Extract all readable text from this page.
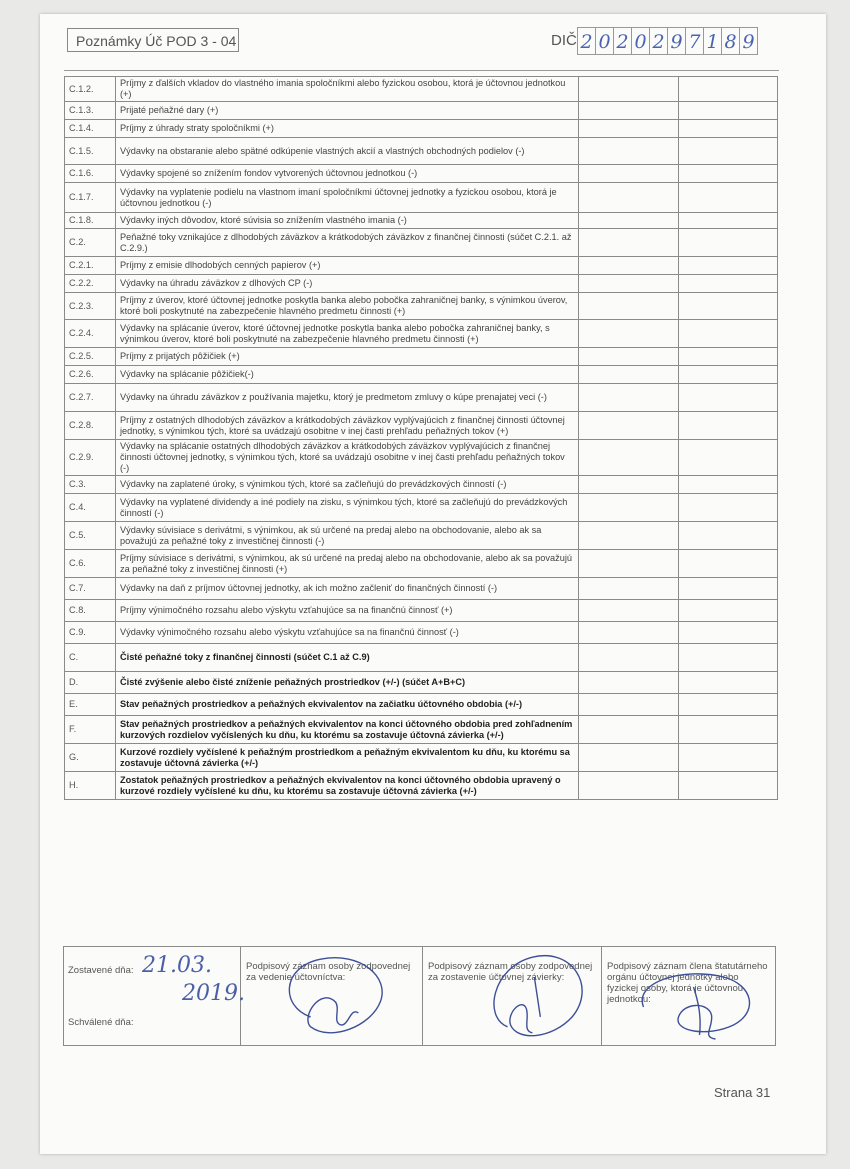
Poznámky Úč POD 3 - 04	DIČ 2 0 2 0 2 9 7 1 8 9
C.1.2.	Príjmy z ďalších vkladov do vlastného imania spoločníkmi alebo fyzickou osobou, ktorá je účtovnou jednotkou (+)		
C.1.3.	Prijaté peňažné dary (+)		
C.1.4.	Príjmy z úhrady straty spoločníkmi (+)		
C.1.5.	Výdavky na obstaranie alebo spätné odkúpenie vlastných akcií a vlastných obchodných podielov (-)		
C.1.6.	Výdavky spojené so znížením fondov vytvorených účtovnou jednotkou (-)		
C.1.7.	Výdavky na vyplatenie podielu na vlastnom imaní spoločníkmi účtovnej jednotky a fyzickou osobou, ktorá je účtovnou jednotkou (-)		
C.1.8.	Výdavky iných dôvodov, ktoré súvisia so znížením vlastného imania (-)		
C.2.	Peňažné toky vznikajúce z dlhodobých záväzkov a krátkodobých záväzkov z finančnej činnosti (súčet C.2.1. až C.2.9.)		
C.2.1.	Príjmy z emisie dlhodobých cenných papierov (+)		
C.2.2.	Výdavky na úhradu záväzkov z dlhových CP (-)		
C.2.3.	Príjmy z úverov, ktoré účtovnej jednotke poskytla banka alebo pobočka zahraničnej banky, s výnimkou úverov, ktoré boli poskytnuté na zabezpečenie hlavného predmetu činnosti (+)		
C.2.4.	Výdavky na splácanie úverov, ktoré účtovnej jednotke poskytla banka alebo pobočka zahraničnej banky, s výnimkou úverov, ktoré boli poskytnuté na zabezpečenie hlavného predmetu činnosti (+)		
C.2.5.	Príjmy z prijatých pôžičiek (+)		
C.2.6.	Výdavky na splácanie pôžičiek(-)		
C.2.7.	Výdavky na úhradu záväzkov z používania majetku, ktorý je predmetom zmluvy o kúpe prenajatej veci (-)		
C.2.8.	Príjmy z ostatných dlhodobých záväzkov a krátkodobých záväzkov vyplývajúcich z finančnej činnosti účtovnej jednotky, s výnimkou tých, ktoré sa uvádzajú osobitne v inej časti prehľadu peňažných tokov (+)		
C.2.9.	Výdavky na splácanie ostatných dlhodobých záväzkov a krátkodobých záväzkov vyplývajúcich z finančnej činnosti účtovnej jednotky, s výnimkou tých, ktoré sa uvádzajú osobitne v inej časti prehľadu peňažných tokov (-)		
C.3.	Výdavky na zaplatené úroky, s výnimkou tých, ktoré sa začleňujú do prevádzkových činností (-)		
C.4.	Výdavky na vyplatené dividendy a iné podiely na zisku, s výnimkou tých, ktoré sa začleňujú do prevádzkových činností (-)		
C.5.	Výdavky súvisiace s derivátmi, s výnimkou, ak sú určené na predaj alebo na obchodovanie, alebo ak sa považujú za peňažné toky z investičnej činnosti (-)		
C.6.	Príjmy súvisiace s derivátmi, s výnimkou, ak sú určené na predaj alebo na obchodovanie, alebo ak sa považujú za peňažné toky z investičnej činnosti (+)		
C.7.	Výdavky na daň z príjmov účtovnej jednotky, ak ich možno začleniť do finančných činností (-)		
C.8.	Príjmy výnimočného rozsahu alebo výskytu vzťahujúce sa na finančnú činnosť (+)		
C.9.	Výdavky výnimočného rozsahu alebo výskytu vzťahujúce sa na finančnú činnosť (-)		
C.	Čisté peňažné toky z finančnej činnosti (súčet C.1 až C.9)		
D.	Čisté zvýšenie alebo čisté zníženie peňažných prostriedkov (+/-) (súčet A+B+C)		
E.	Stav peňažných prostriedkov a peňažných ekvivalentov na začiatku účtovného obdobia (+/-)		
F.	Stav peňažných prostriedkov a peňažných ekvivalentov na konci účtovného obdobia pred zohľadnením kurzových rozdielov vyčíslených ku dňu, ku ktorému sa zostavuje účtovná závierka (+/-)		
G.	Kurzové rozdiely vyčíslené k peňažným prostriedkom a peňažným ekvivalentom ku dňu, ku ktorému sa zostavuje účtovná závierka (+/-)		
H.	Zostatok peňažných prostriedkov a peňažných ekvivalentov na konci účtovného obdobia upravený o kurzové rozdiely vyčíslené ku dňu, ku ktorému sa zostavuje účtovná závierka (+/-)		
Zostavené dňa: 21.03.
2019.
Schválené dňa:
Podpisový záznam osoby zodpovednej za vedenie účtovníctva:
Podpisový záznam osoby zodpovednej za zostavenie účtovnej závierky:
Podpisový záznam člena štatutárneho orgánu účtovnej jednotky alebo fyzickej osoby, ktorá je účtovnou jednotkou:
Strana 31
